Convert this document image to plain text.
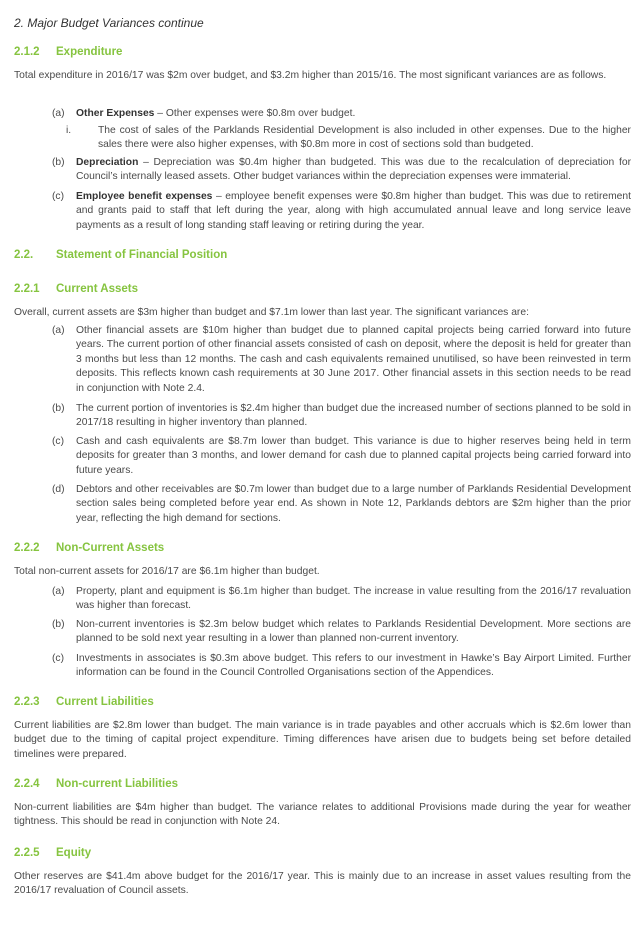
2. Major Budget Variances continue
2.1.2 Expenditure

Total expenditure in 2016/17 was $2m over budget, and $3.2m higher than 2015/16. The most significant variances are as follows.

(a)	Other Expenses – Other expenses were $0.8m over budget.

i.	The cost of sales of the Parklands Residential Development is also included in other expenses. Due to the higher sales there were also higher expenses, with $0.8m more in cost of sections sold than budgeted.

(b)	Depreciation – Depreciation was $0.4m higher than budgeted. This was due to the recalculation of depreciation for Council’s internally leased assets. Other budget variances within the depreciation expenses were immaterial.

(c)	Employee benefit expenses – employee benefit expenses were $0.8m higher than budget. This was due to retirement and grants paid to staff that left during the year, along with high accumulated annual leave and long service leave payments as a result of long standing staff leaving or retiring during the year.

2.2. Statement of Financial Position
2.2.1 Current Assets

Overall, current assets are $3m higher than budget and $7.1m lower than last year. The significant variances are:

(a)	Other financial assets are $10m higher than budget due to planned capital projects being carried forward into future years. The current portion of other financial assets consisted of cash on deposit, where the deposit is held for greater than 3 months but less than 12 months. The cash and cash equivalents remained unutilised, so have been reinvested in term deposits. This reflects known cash requirements at 30 June 2017. Other financial assets in this section needs to be read in conjunction with Note 2.4.

(b)	The current portion of inventories is $2.4m higher than budget due the increased number of sections planned to be sold in 2017/18 resulting in higher inventory than planned.

(c)	Cash and cash equivalents are $8.7m lower than budget. This variance is due to higher reserves being held in term deposits for greater than 3 months, and lower demand for cash due to planned capital projects being carried forward into future years.

(d)	Debtors and other receivables are $0.7m lower than budget due to a large number of Parklands Residential Development section sales being completed before year end. As shown in Note 12, Parklands debtors are $2m higher than the prior year, reflecting the high demand for sections.

2.2.2 Non-Current Assets

Total non-current assets for 2016/17 are $6.1m higher than budget.

(a)	Property, plant and equipment is $6.1m higher than budget. The increase in value resulting from the 2016/17 revaluation was higher than forecast.

(b)	Non-current inventories is $2.3m below budget which relates to Parklands Residential Development. More sections are planned to be sold next year resulting in a lower than planned non-current inventory.

(c)	Investments in associates is $0.3m above budget. This refers to our investment in Hawke’s Bay Airport Limited. Further information can be found in the Council Controlled Organisations section of the Appendices.

2.2.3 Current Liabilities

Current liabilities are $2.8m lower than budget. The main variance is in trade payables and other accruals which is $2.6m lower than budget due to the timing of capital project expenditure. Timing differences have arisen due to budgets being set before detailed timelines were prepared.

2.2.4 Non-current Liabilities

Non-current liabilities are $4m higher than budget. The variance relates to additional Provisions made during the year for weather tightness. This should be read in conjunction with Note 24.

2.2.5 Equity

Other reserves are $41.4m above budget for the 2016/17 year. This is mainly due to an increase in asset values resulting from the 2016/17 revaluation of Council assets.
